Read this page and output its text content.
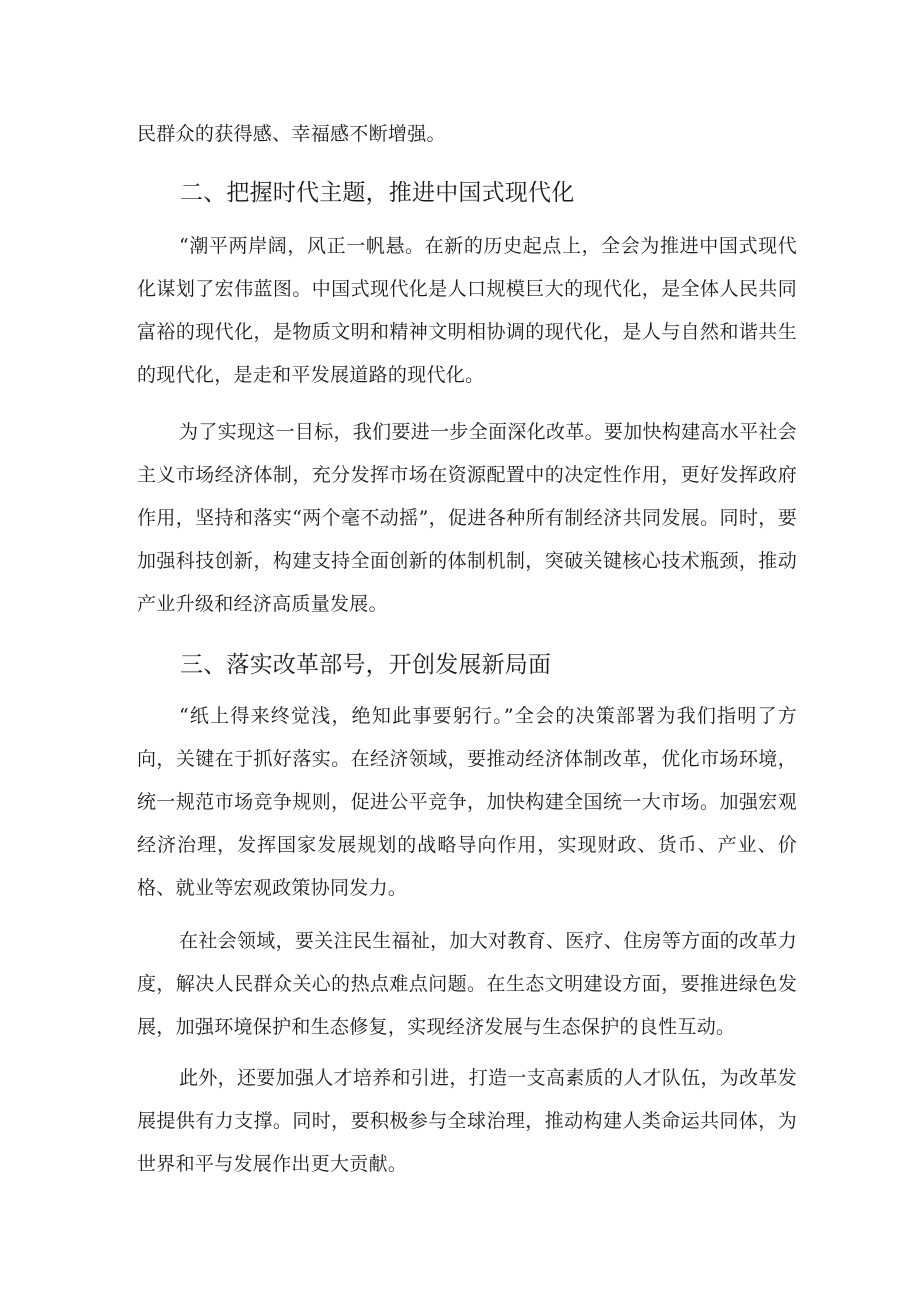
民群众的获得感、幸福感不断增强。

二、把握时代主题，推进中国式现代化

“潮平两岸阔，风正一帆悬。在新的历史起点上，全会为推进中国式现代化谋划了宏伟蓝图。中国式现代化是人口规模巨大的现代化，是全体人民共同富裕的现代化，是物质文明和精神文明相协调的现代化，是人与自然和谐共生的现代化，是走和平发展道路的现代化。

为了实现这一目标，我们要进一步全面深化改革。要加快构建高水平社会主义市场经济体制，充分发挥市场在资源配置中的决定性作用，更好发挥政府作用，坚持和落实“两个毫不动摇”，促进各种所有制经济共同发展。同时，要加强科技创新，构建支持全面创新的体制机制，突破关键核心技术瓶颈，推动产业升级和经济高质量发展。

三、落实改革部号，开创发展新局面

“纸上得来终觉浅，绝知此事要躬行。”全会的决策部署为我们指明了方向，关键在于抓好落实。在经济领域，要推动经济体制改革，优化市场环境，统一规范市场竞争规则，促进公平竞争，加快构建全国统一大市场。加强宏观经济治理，发挥国家发展规划的战略导向作用，实现财政、货币、产业、价格、就业等宏观政策协同发力。

在社会领域，要关注民生福祉，加大对教育、医疗、住房等方面的改革力度，解决人民群众关心的热点难点问题。在生态文明建设方面，要推进绿色发展，加强环境保护和生态修复，实现经济发展与生态保护的良性互动。

此外，还要加强人才培养和引进，打造一支高素质的人才队伍，为改革发展提供有力支撑。同时，要积极参与全球治理，推动构建人类命运共同体，为世界和平与发展作出更大贡献。
